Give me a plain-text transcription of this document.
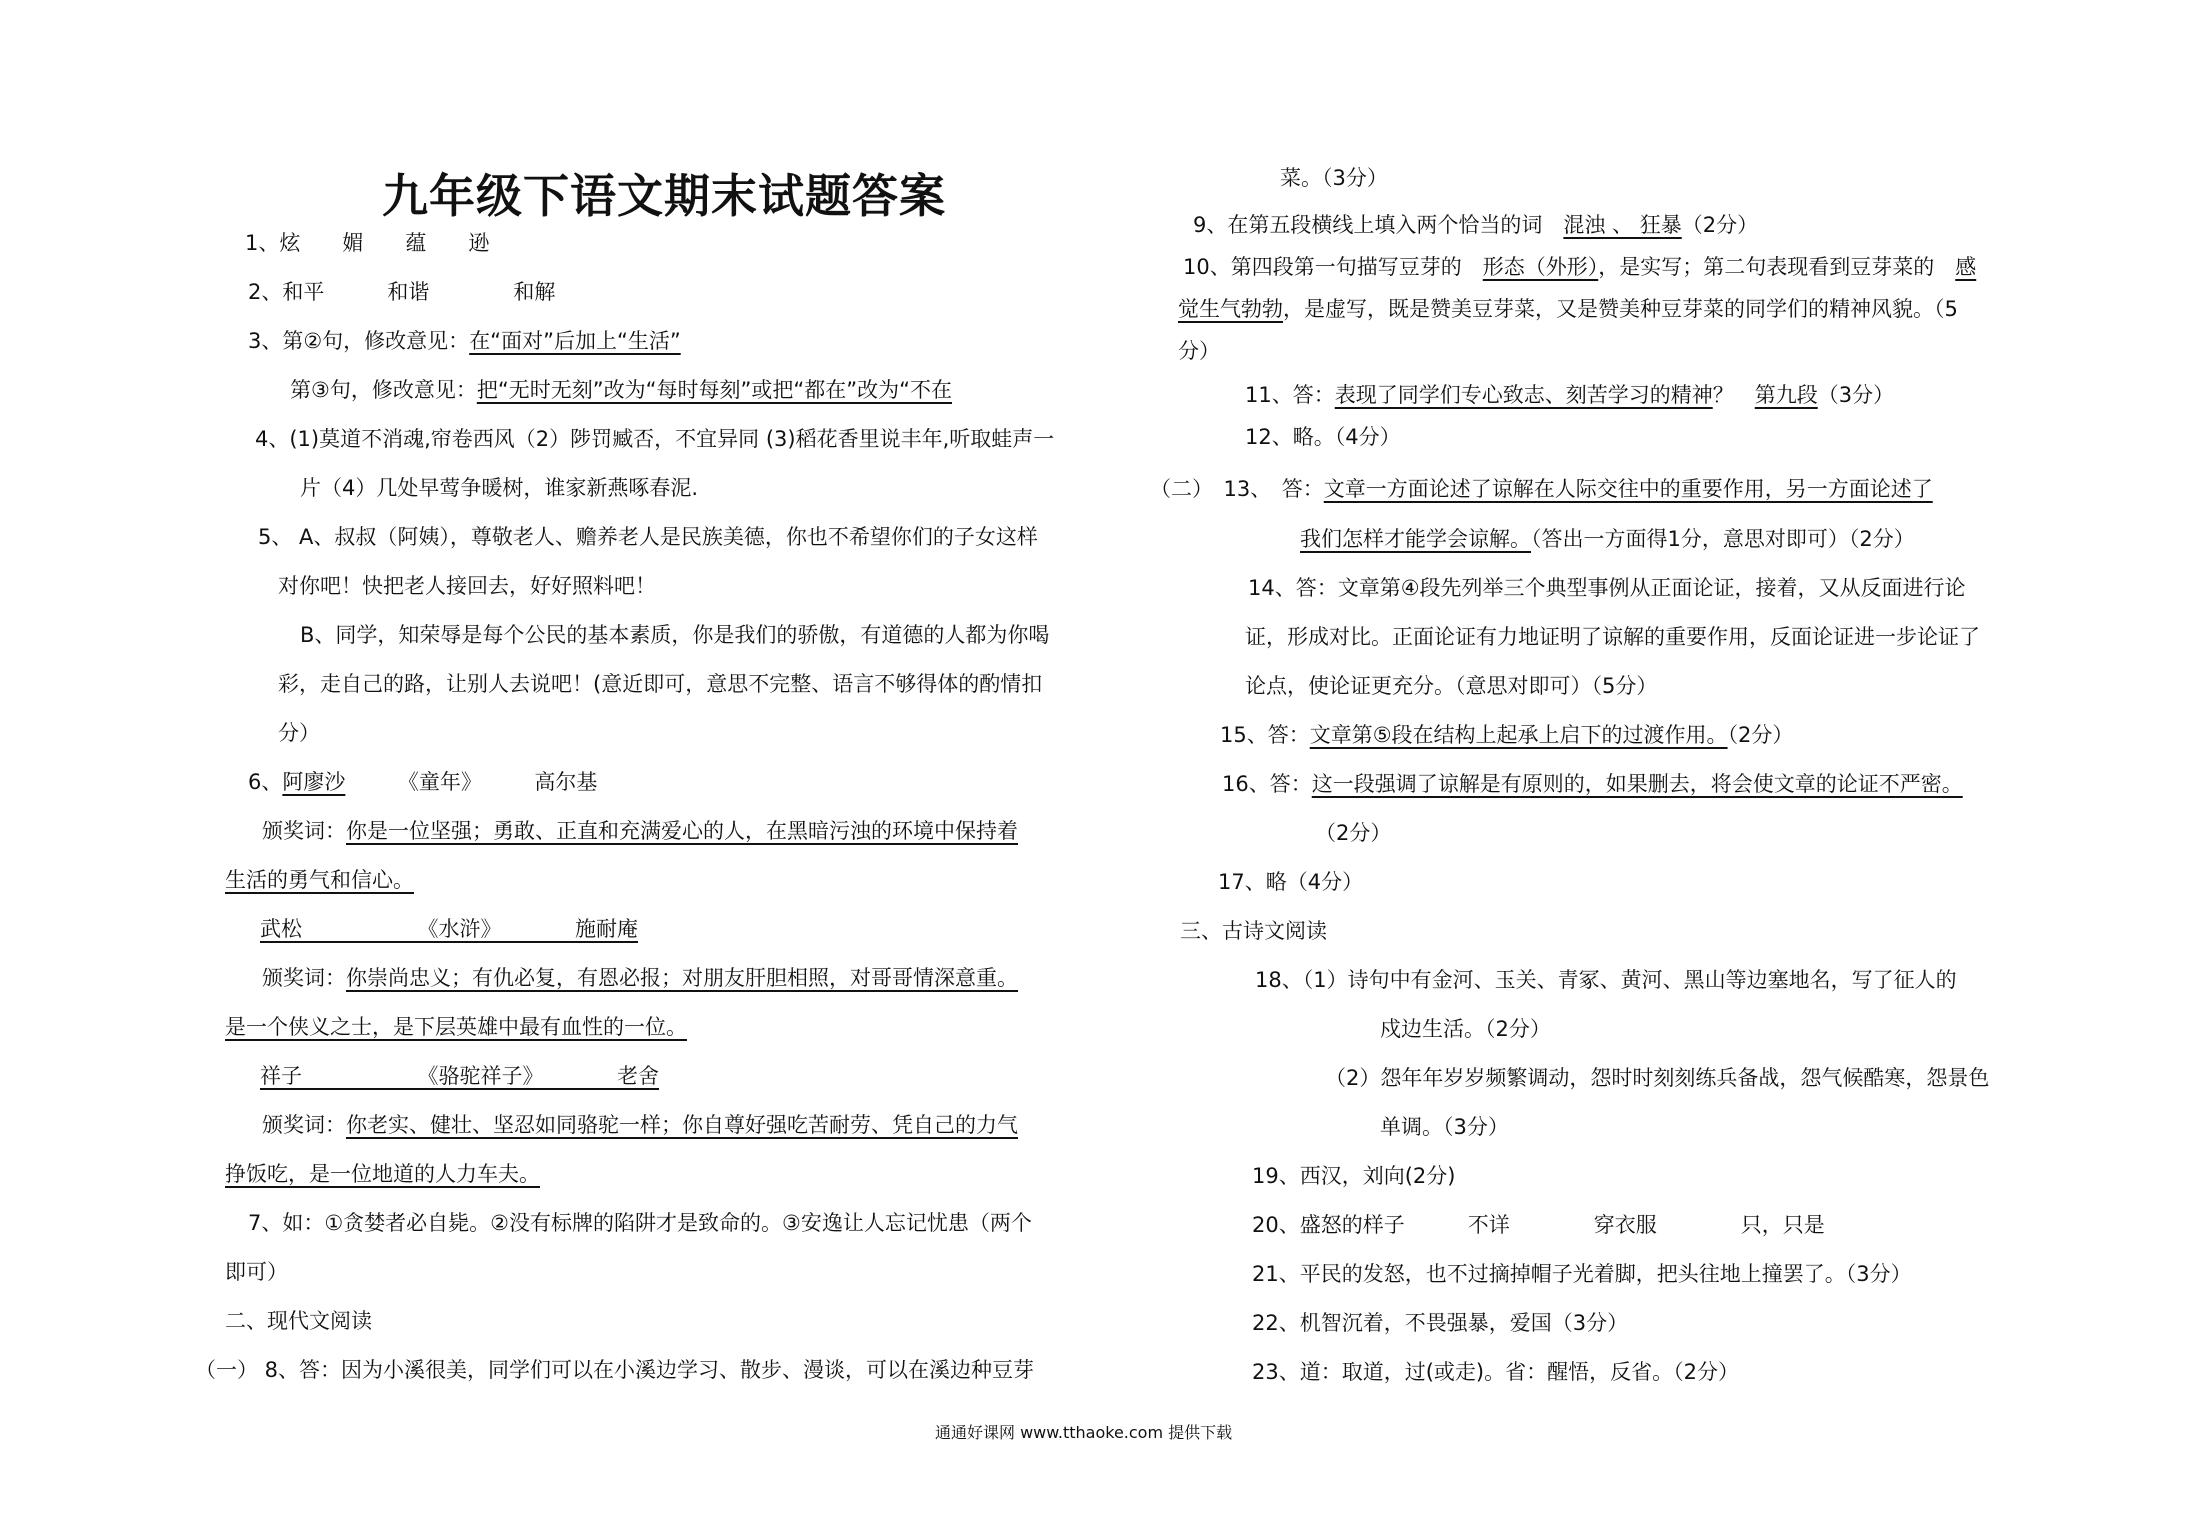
九年级下语文期末试题答案
1、炫　　媚　　蕴　　逊
2、和平　　　和谐　　　　和解
3、第②句，修改意见：在“面对”后加上“生活”
第③句，修改意见：把“无时无刻”改为“每时每刻”或把“都在”改为“不在
4、(1)莫道不消魂,帘卷西风（2）陟罚臧否，不宜异同 (3)稻花香里说丰年,听取蛙声一
片（4）几处早莺争暖树，谁家新燕啄春泥.
5、 A、叔叔（阿姨），尊敬老人、赡养老人是民族美德，你也不希望你们的子女这样
对你吧！快把老人接回去，好好照料吧！
B、同学，知荣辱是每个公民的基本素质，你是我们的骄傲，有道德的人都为你喝
彩，走自己的路，让别人去说吧！(意近即可，意思不完整、语言不够得体的酌情扣
分）
6、阿廖沙　　　《童年》　　　高尔基
颁奖词：你是一位坚强；勇敢、正直和充满爱心的人，在黑暗污浊的环境中保持着
生活的勇气和信心。
武松　　　　　　《水浒》　　　　施耐庵
颁奖词：你崇尚忠义；有仇必复，有恩必报；对朋友肝胆相照，对哥哥情深意重。
是一个侠义之士，是下层英雄中最有血性的一位。
祥子　　　　　　《骆驼祥子》　　　　老舍
颁奖词：你老实、健壮、坚忍如同骆驼一样；你自尊好强吃苦耐劳、凭自己的力气
挣饭吃，是一位地道的人力车夫。
7、如：①贪婪者必自毙。②没有标牌的陷阱才是致命的。③安逸让人忘记忧患（两个
即可）
二、现代文阅读
（一） 8、答：因为小溪很美，同学们可以在小溪边学习、散步、漫谈，可以在溪边种豆芽
菜。（3分）
9、在第五段横线上填入两个恰当的词　混浊 、 狂暴（2分）
10、第四段第一句描写豆芽的　形态（外形），是实写；第二句表现看到豆芽菜的　感
觉生气勃勃，是虚写，既是赞美豆芽菜，又是赞美种豆芽菜的同学们的精神风貌。（5
分）
11、答：表现了同学们专心致志、刻苦学习的精神？　第九段（3分）
12、略。（4分）
（二）　13、　答：文章一方面论述了谅解在人际交往中的重要作用，另一方面论述了
我们怎样才能学会谅解。（答出一方面得1分，意思对即可）（2分）
14、答：文章第④段先列举三个典型事例从正面论证，接着，又从反面进行论
证，形成对比。正面论证有力地证明了谅解的重要作用，反面论证进一步论证了
论点，使论证更充分。（意思对即可）（5分）
15、答：文章第⑤段在结构上起承上启下的过渡作用。（2分）
16、答：这一段强调了谅解是有原则的，如果删去，将会使文章的论证不严密。
（2分）
17、略（4分）
三、古诗文阅读
18、（1）诗句中有金河、玉关、青冢、黄河、黑山等边塞地名，写了征人的
戍边生活。（2分）
（2）怨年年岁岁频繁调动，怨时时刻刻练兵备战，怨气候酷寒，怨景色
单调。（3分）
19、西汉，刘向(2分)
20、盛怒的样子　　　不详　　　　穿衣服　　　　只，只是
21、平民的发怒，也不过摘掉帽子光着脚，把头往地上撞罢了。（3分）
22、机智沉着，不畏强暴，爱国（3分）
23、道：取道，过(或走)。省：醒悟，反省。（2分）
通通好课网 www.tthaoke.com 提供下载
